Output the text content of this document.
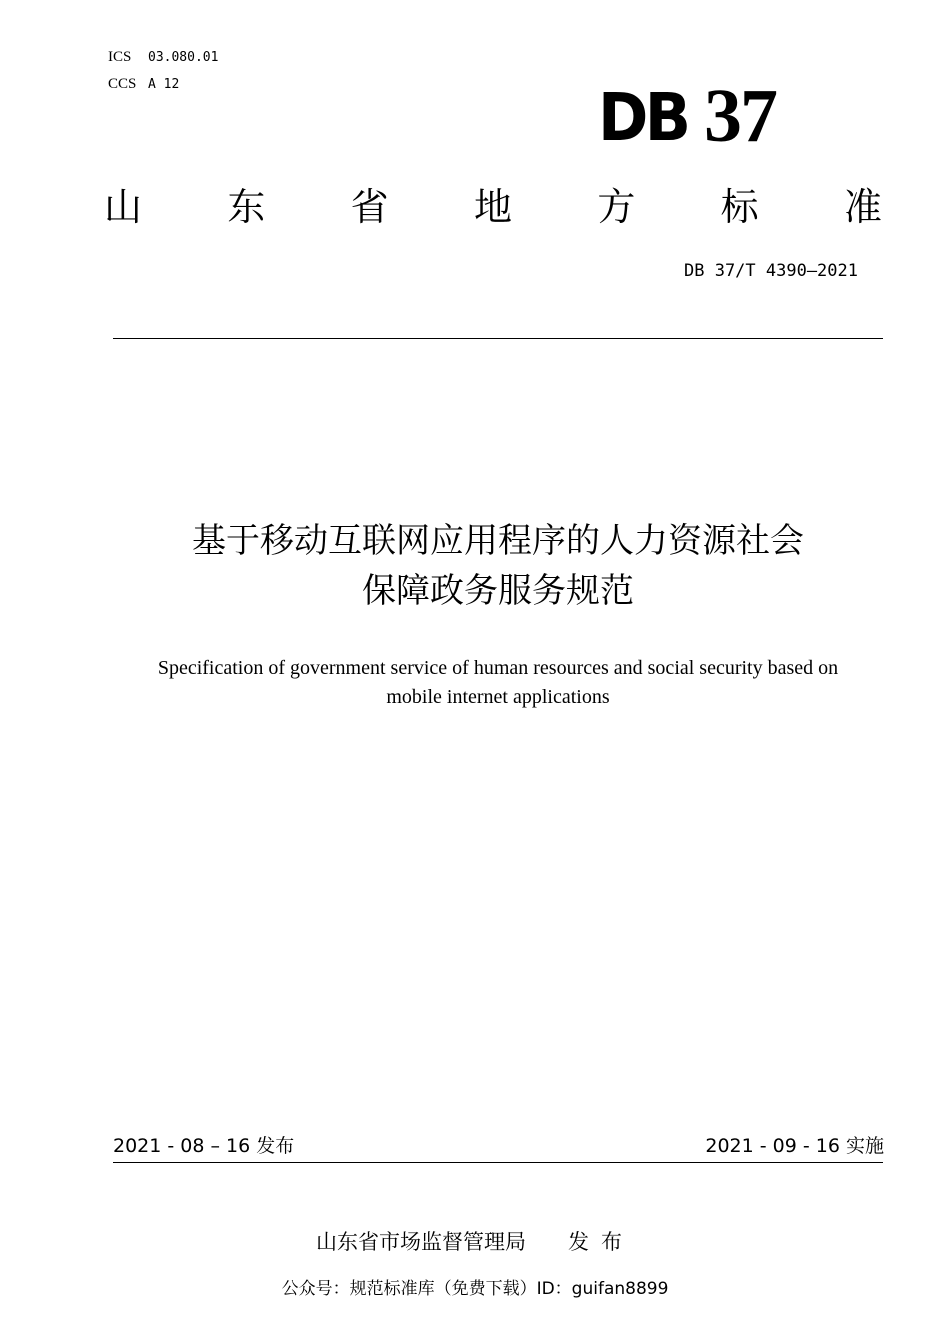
ICS 03.080.01
CCS A 12	DB 37
山 东 省 地 方 标 准
DB 37/T 4390—2021
基于移动互联网应用程序的人力资源社会
保障政务服务规范
Specification of government service of human resources and social security based on
mobile internet applications
2021 - 08 – 16 发布	2021 - 09 - 16 实施
山东省市场监督管理局 发布
公众号：规范标准库（免费下载）ID：guifan8899
